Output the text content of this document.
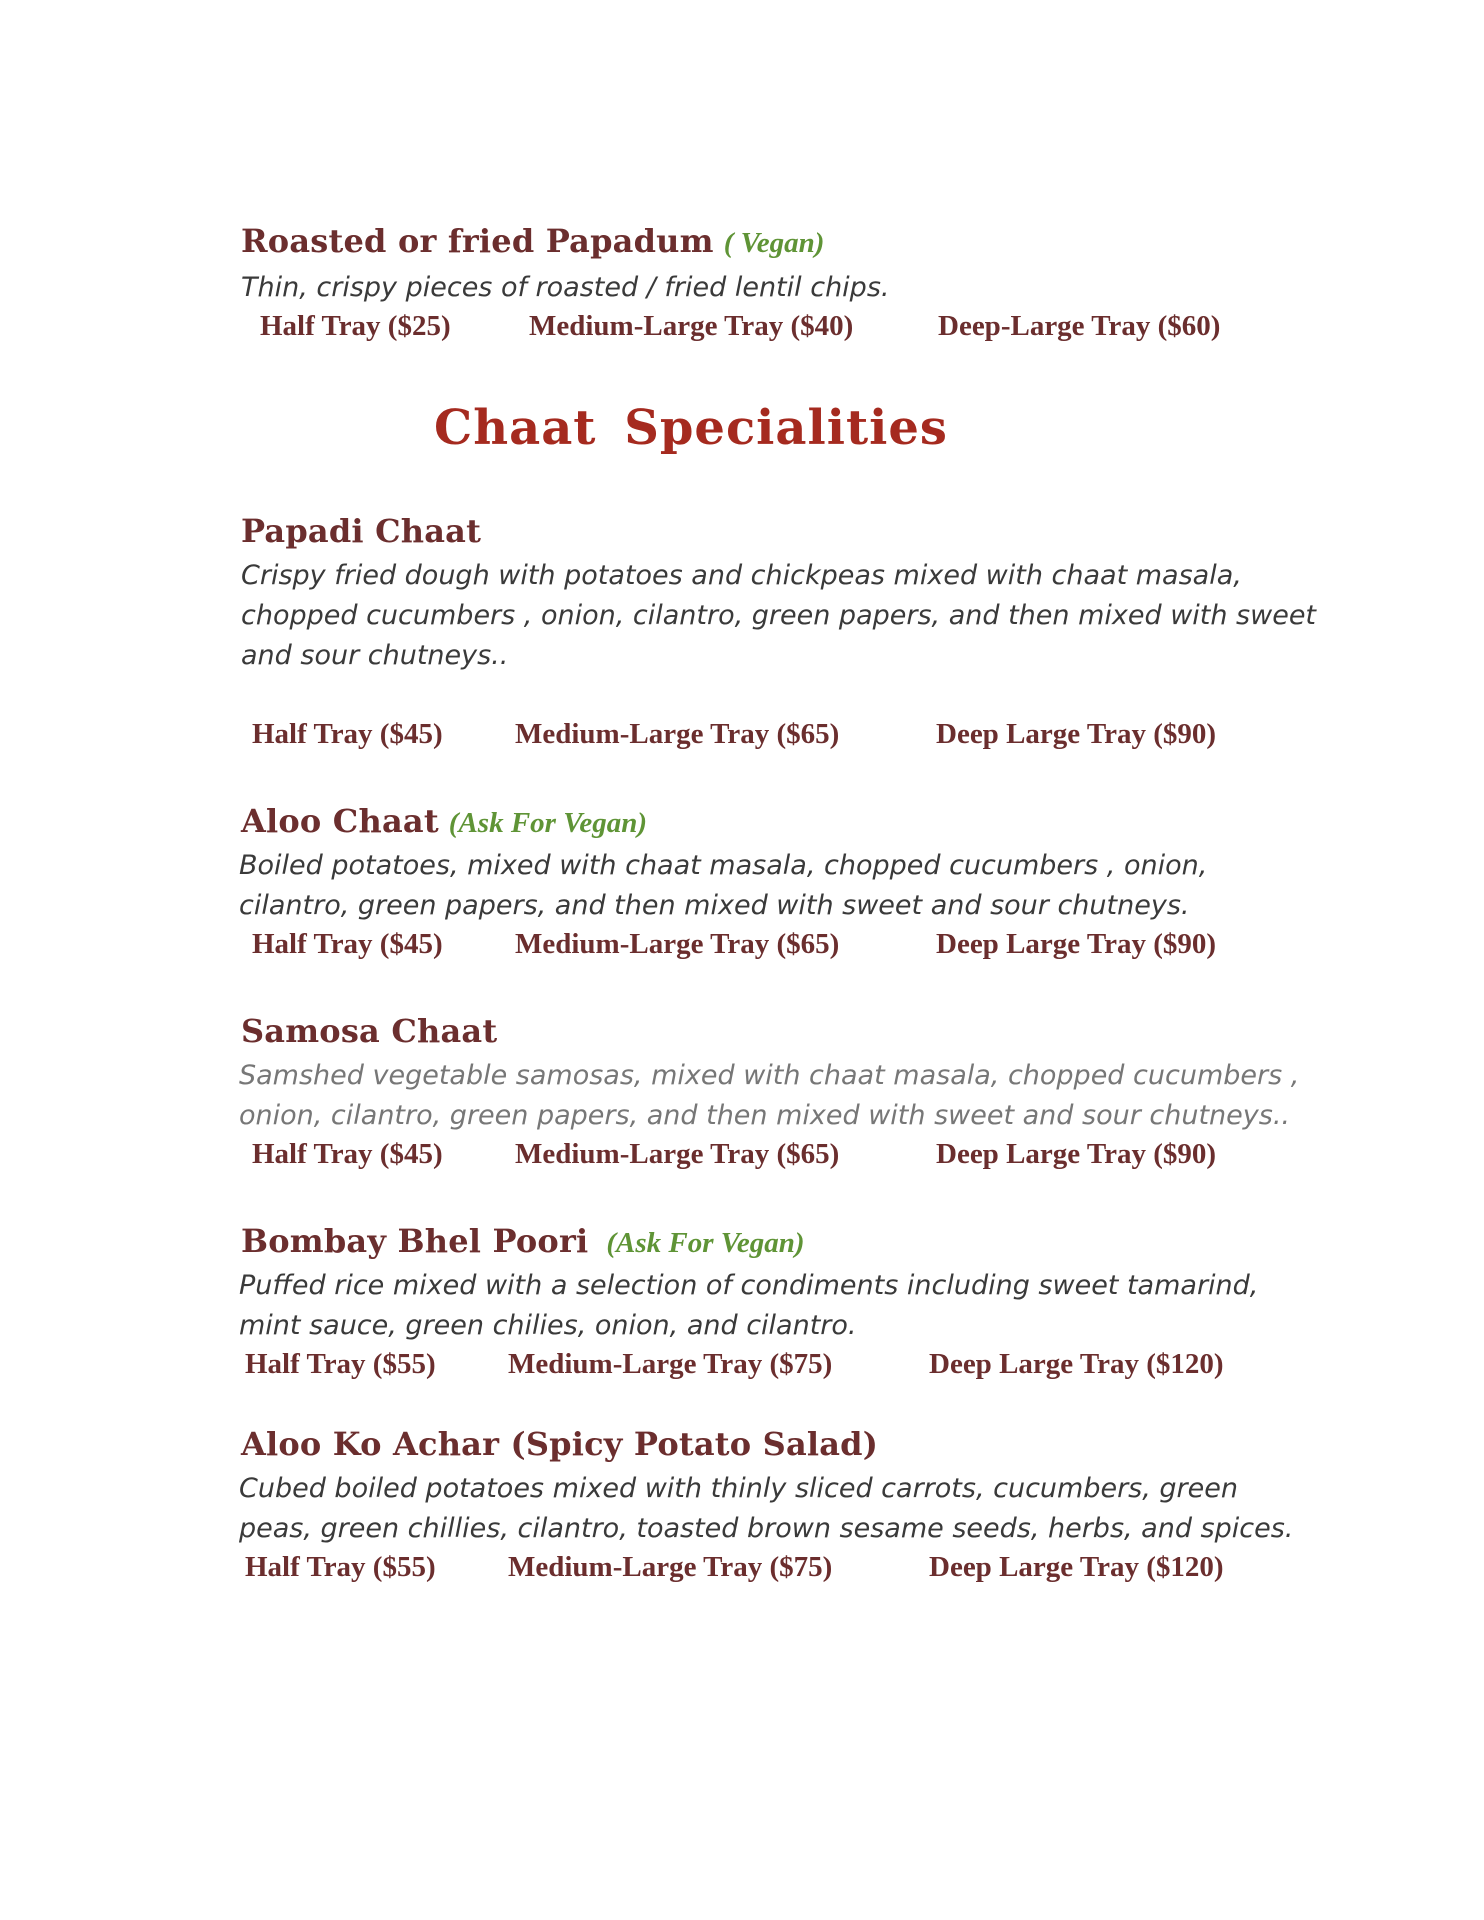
Roasted or fried Papadum ( Vegan)
Thin, crispy pieces of roasted / fried lentil chips.
Half Tray ($25)	Medium-Large Tray ($40)	Deep-Large Tray ($60)
Chaat Specialities
Papadi Chaat
Crispy fried dough with potatoes and chickpeas mixed with chaat masala, chopped cucumbers , onion, cilantro, green papers, and then mixed with sweet and sour chutneys..
Half Tray ($45) Medium-Large Tray ($65)	Deep Large Tray ($90)
Aloo Chaat (Ask For Vegan)
Boiled potatoes, mixed with chaat masala, chopped cucumbers , onion, cilantro, green papers, and then mixed with sweet and sour chutneys.
Half Tray ($45) Medium-Large Tray ($65)	Deep Large Tray ($90)
Samosa Chaat
Samshed vegetable samosas, mixed with chaat masala, chopped cucumbers , onion, cilantro, green papers, and then mixed with sweet and sour chutneys..
Half Tray ($45) Medium-Large Tray ($65)	Deep Large Tray ($90)
Bombay Bhel Poori (Ask For Vegan)
Puffed rice mixed with a selection of condiments including sweet tamarind, mint sauce, green chilies, onion, and cilantro.
Half Tray ($55) Medium-Large Tray ($75)	Deep Large Tray ($120)
Aloo Ko Achar (Spicy Potato Salad)
Cubed boiled potatoes mixed with thinly sliced carrots, cucumbers, green peas, green chillies, cilantro, toasted brown sesame seeds, herbs, and spices.
Half Tray ($55) Medium-Large Tray ($75)	Deep Large Tray ($120)
